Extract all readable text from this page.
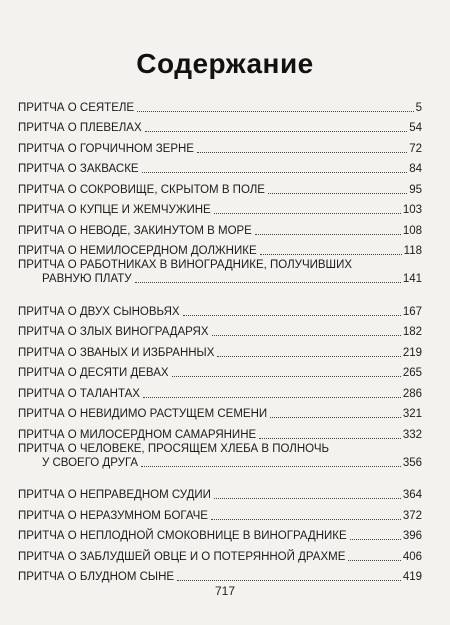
Содержание
ПРИТЧА О СЕЯТЕЛЕ	5
ПРИТЧА О ПЛЕВЕЛАХ	54
ПРИТЧА О ГОРЧИЧНОМ ЗЕРНЕ	72
ПРИТЧА О ЗАКВАСКЕ	84
ПРИТЧА О СОКРОВИЩЕ, СКРЫТОМ В ПОЛЕ	95
ПРИТЧА О КУПЦЕ И ЖЕМЧУЖИНЕ	103
ПРИТЧА О НЕВОДЕ, ЗАКИНУТОМ В МОРЕ	108
ПРИТЧА О НЕМИЛОСЕРДНОМ ДОЛЖНИКЕ	118
ПРИТЧА О РАБОТНИКАХ В ВИНОГРАДНИКЕ, ПОЛУЧИВШИХ
РАВНУЮ ПЛАТУ	141
ПРИТЧА О ДВУХ СЫНОВЬЯХ	167
ПРИТЧА О ЗЛЫХ ВИНОГРАДАРЯХ	182
ПРИТЧА О ЗВАНЫХ И ИЗБРАННЫХ	219
ПРИТЧА О ДЕСЯТИ ДЕВАХ	265
ПРИТЧА О ТАЛАНТАХ	286
ПРИТЧА О НЕВИДИМО РАСТУЩЕМ СЕМЕНИ	321
ПРИТЧА О МИЛОСЕРДНОМ САМАРЯНИНЕ	332
ПРИТЧА О ЧЕЛОВЕКЕ, ПРОСЯЩЕМ ХЛЕБА В ПОЛНОЧЬ
У СВОЕГО ДРУГА	356
ПРИТЧА О НЕПРАВЕДНОМ СУДИИ	364
ПРИТЧА О НЕРАЗУМНОМ БОГАЧЕ	372
ПРИТЧА О НЕПЛОДНОЙ СМОКОВНИЦЕ В ВИНОГРАДНИКЕ	396
ПРИТЧА О ЗАБЛУДШЕЙ ОВЦЕ И О ПОТЕРЯННОЙ ДРАХМЕ	406
ПРИТЧА О БЛУДНОМ СЫНЕ	419
717
